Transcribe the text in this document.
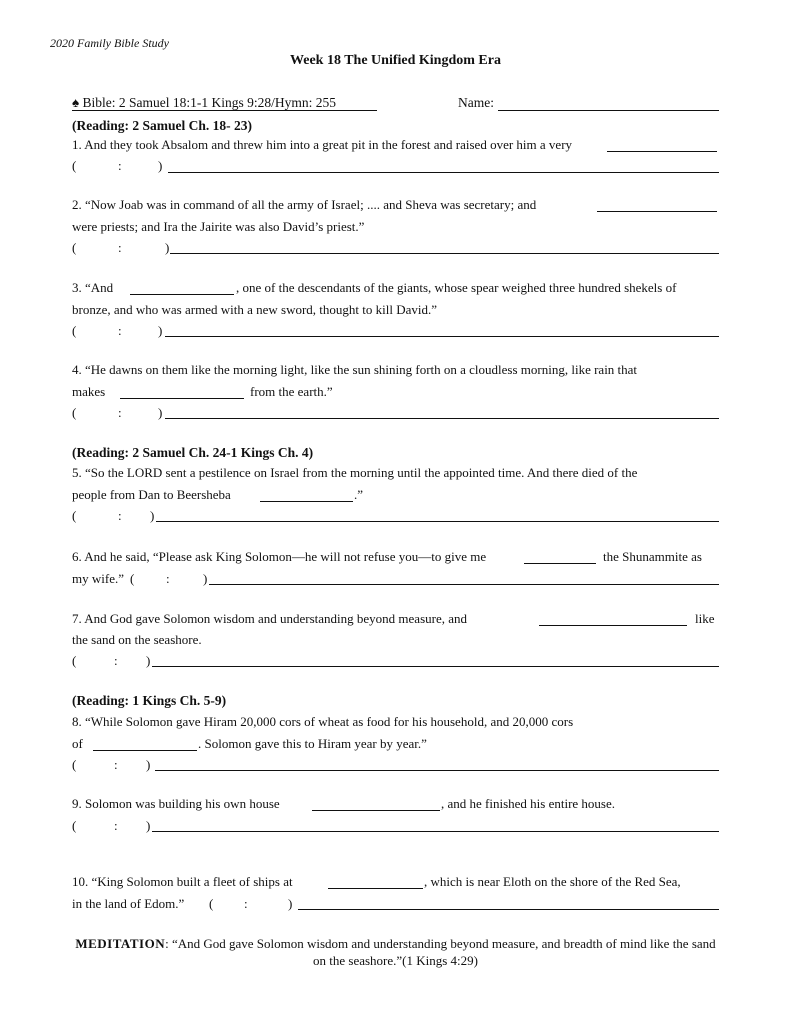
2020 Family Bible Study
Week 18 The Unified Kingdom Era
♠ Bible: 2 Samuel 18:1-1 Kings 9:28/Hymn: 255	Name:
(Reading: 2 Samuel Ch. 18- 23)
1. And they took Absalom and threw him into a great pit in the forest and raised over him a very
(	:	)
2. “Now Joab was in command of all the army of Israel; .... and Sheva was secretary; and
were priests; and Ira the Jairite was also David’s priest.”
(	:	)
3. “And	, one of the descendants of the giants, whose spear weighed three hundred shekels of
bronze, and who was armed with a new sword, thought to kill David.”
(	:	)
4. “He dawns on them like the morning light, like the sun shining forth on a cloudless morning, like rain that
makes	from the earth.”
(	:	)
(Reading: 2 Samuel Ch. 24-1 Kings Ch. 4)
5. “So the LORD sent a pestilence on Israel from the morning until the appointed time. And there died of the
people from Dan to Beersheba	.”
(	: )
6. And he said, “Please ask King Solomon—he will not refuse you—to give me	the Shunammite as
my wife.” ( :	)
7. And God gave Solomon wisdom and understanding beyond measure, and	like
the sand on the seashore.
(	: )
(Reading: 1 Kings Ch. 5-9)
8. “While Solomon gave Hiram 20,000 cors of wheat as food for his household, and 20,000 cors
of	. Solomon gave this to Hiram year by year.”
(	: )
9. Solomon was building his own house	, and he finished his entire house.
(	: )
10. “King Solomon built a fleet of ships at	, which is near Eloth on the shore of the Red Sea,
in the land of Edom.” ( :	)
MEDITATION: “And God gave Solomon wisdom and understanding beyond measure, and breadth of mind like the sand on the seashore.”(1 Kings 4:29)
